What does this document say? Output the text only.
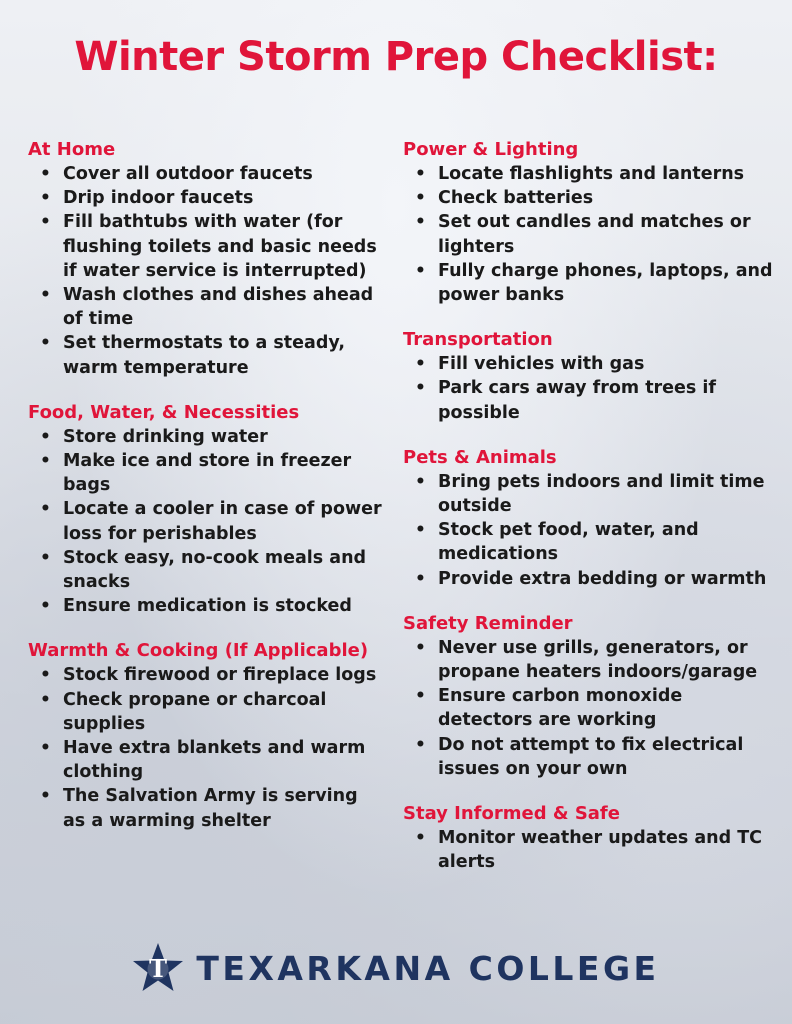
Winter Storm Prep Checklist:
At Home
• Cover all outdoor faucets
• Drip indoor faucets
• Fill bathtubs with water (for flushing toilets and basic needs if water service is interrupted)
• Wash clothes and dishes ahead of time
• Set thermostats to a steady, warm temperature
Food, Water, & Necessities
• Store drinking water
• Make ice and store in freezer bags
• Locate a cooler in case of power loss for perishables
• Stock easy, no-cook meals and snacks
• Ensure medication is stocked
Warmth & Cooking (If Applicable)
• Stock firewood or fireplace logs
• Check propane or charcoal supplies
• Have extra blankets and warm clothing
• The Salvation Army is serving as a warming shelter
Power & Lighting
• Locate flashlights and lanterns
• Check batteries
• Set out candles and matches or lighters
• Fully charge phones, laptops, and power banks
Transportation
• Fill vehicles with gas
• Park cars away from trees if possible
Pets & Animals
• Bring pets indoors and limit time outside
• Stock pet food, water, and medications
• Provide extra bedding or warmth
Safety Reminder
• Never use grills, generators, or propane heaters indoors/garage
• Ensure carbon monoxide detectors are working
• Do not attempt to fix electrical issues on your own
Stay Informed & Safe
• Monitor weather updates and TC alerts
T TEXARKANA COLLEGE
